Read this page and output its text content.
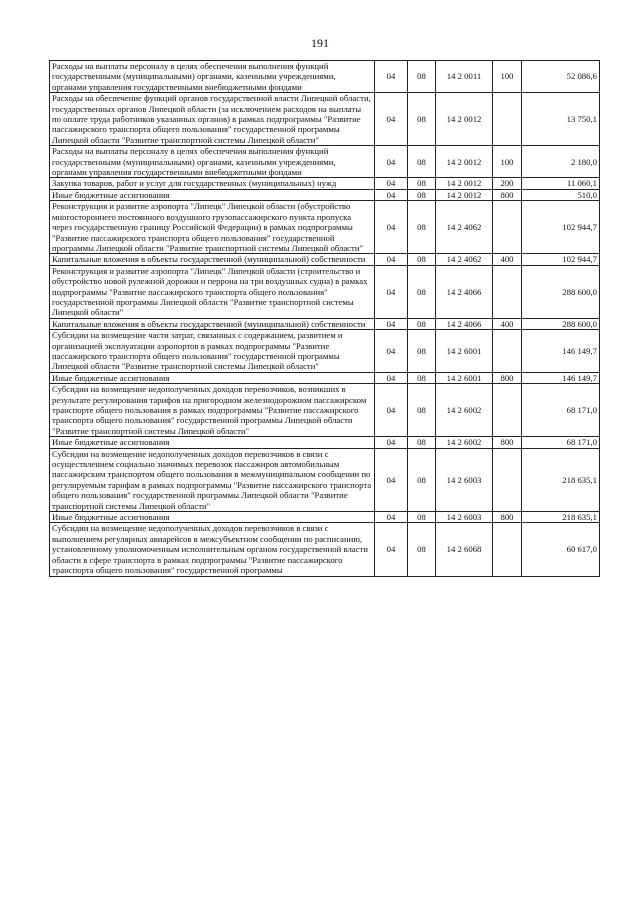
191
Расходы на выплаты персоналу в целях обеспечения выполнения функций государственными (муниципальными) органами, казенными учреждениями, органами управления государственными внебюджетными фондами	04	08	14 2 0011	100	52 086,6
Расходы на обеспечение функций органов государственной власти Липецкой области, государственных органов Липецкой области (за исключением расходов на выплаты по оплате труда работников указанных органов) в рамках подпрограммы "Развитие пассажирского транспорта общего пользования" государственной программы Липецкой области "Развитие транспортной системы Липецкой области"	04	08	14 2 0012		13 750,1
Расходы на выплаты персоналу в целях обеспечения выполнения функций государственными (муниципальными) органами, казенными учреждениями, органами управления государственными внебюджетными фондами	04	08	14 2 0012	100	2 180,0
Закупка товаров, работ и услуг для государственных (муниципальных) нужд	04	08	14 2 0012	200	11 060,1
Иные бюджетные ассигнования	04	08	14 2 0012	800	510,0
Реконструкция и развитие аэропорта "Липецк" Липецкой области (обустройство многостороннего постоянного воздушного грузопассажирского пункта пропуска через государственную границу Российской Федерации) в рамках подпрограммы "Развитие пассажирского транспорта общего пользования" государственной программы Липецкой области "Развитие транспортной системы Липецкой области"	04	08	14 2 4062		102 944,7
Капитальные вложения в объекты государственной (муниципальной) собственности	04	08	14 2 4062	400	102 944,7
Реконструкция и развитие аэропорта "Липецк" Липецкой области (строительство и обустройство новой рулежной дорожки и перрона на три воздушных судна) в рамках подпрограммы "Развитие пассажирского транспорта общего пользования" государственной программы Липецкой области "Развитие транспортной системы Липецкой области"	04	08	14 2 4066		288 600,0
Капитальные вложения в объекты государственной (муниципальной) собственности	04	08	14 2 4066	400	288 600,0
Субсидии на возмещение части затрат, связанных с содержанием, развитием и организацией эксплуатации аэропортов в рамках подпрограммы "Развитие пассажирского транспорта общего пользования" государственной программы Липецкой области "Развитие транспортной системы Липецкой области"	04	08	14 2 6001		146 149,7
Иные бюджетные ассигнования	04	08	14 2 6001	800	146 149,7
Субсидии на возмещение недополученных доходов перевозчиков, возникших в результате регулирования тарифов на пригородном железнодорожном пассажирском транспорте общего пользования в рамках подпрограммы "Развитие пассажирского транспорта общего пользования" государственной программы Липецкой области "Развитие транспортной системы Липецкой области"	04	08	14 2 6002		68 171,0
Иные бюджетные ассигнования	04	08	14 2 6002	800	68 171,0
Субсидии на возмещение недополученных доходов перевозчиков в связи с осуществлением социально значимых перевозок пассажиров автомобильным пассажирским транспортом общего пользования в межмуниципальном сообщении по регулируемым тарифам в рамках подпрограммы "Развитие пассажирского транспорта общего пользования" государственной программы Липецкой области "Развитие транспортной системы Липецкой области"	04	08	14 2 6003		218 635,1
Иные бюджетные ассигнования	04	08	14 2 6003	800	218 635,1
Субсидии на возмещение недополученных доходов перевозчиков в связи с выполнением регулярных авиарейсов в межсубъектном сообщении по расписанию, установленному уполномоченным исполнительным органом государственной власти области в сфере транспорта в рамках подпрограммы "Развитие пассажирского транспорта общего пользования" государственной программы	04	08	14 2 6068		60 617,0
